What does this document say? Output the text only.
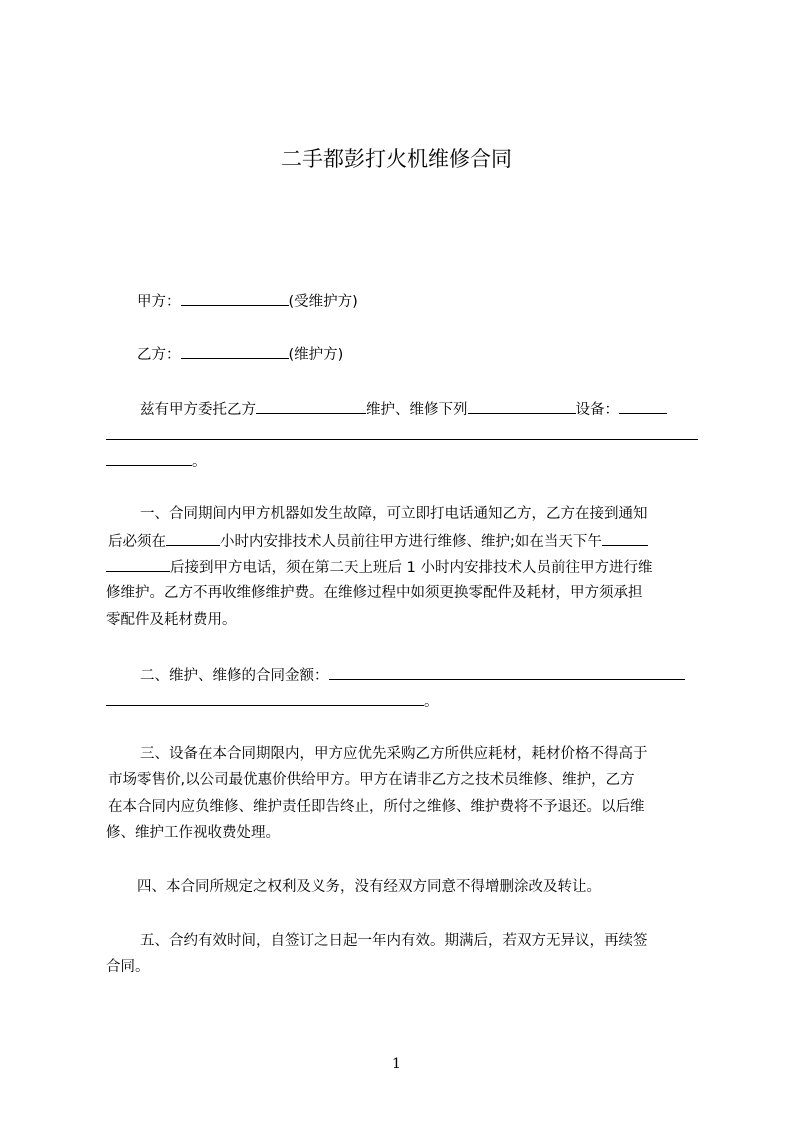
二手都彭打火机维修合同
甲方：	(受维护方)
乙方：	(维护方)
兹有甲方委托乙方	维护、维修下列	设备：
。
一、合同期间内甲方机器如发生故障，可立即打电话通知乙方，乙方在接到通知
后必须在	小时内安排技术人员前往甲方进行维修、维护;如在当天下午
后接到甲方电话，须在第二天上班后 1 小时内安排技术人员前往甲方进行维
修维护。乙方不再收维修维护费。在维修过程中如须更换零配件及耗材，甲方须承担
零配件及耗材费用。
二、维护、维修的合同金额：
。
三、设备在本合同期限内，甲方应优先采购乙方所供应耗材，耗材价格不得高于
市场零售价,以公司最优惠价供给甲方。甲方在请非乙方之技术员维修、维护，乙方
在本合同内应负维修、维护责任即告终止，所付之维修、维护费将不予退还。以后维
修、维护工作视收费处理。
四、本合同所规定之权利及义务，没有经双方同意不得增删涂改及转让。
五、合约有效时间，自签订之日起一年内有效。期满后，若双方无异议，再续签
合同。
1
